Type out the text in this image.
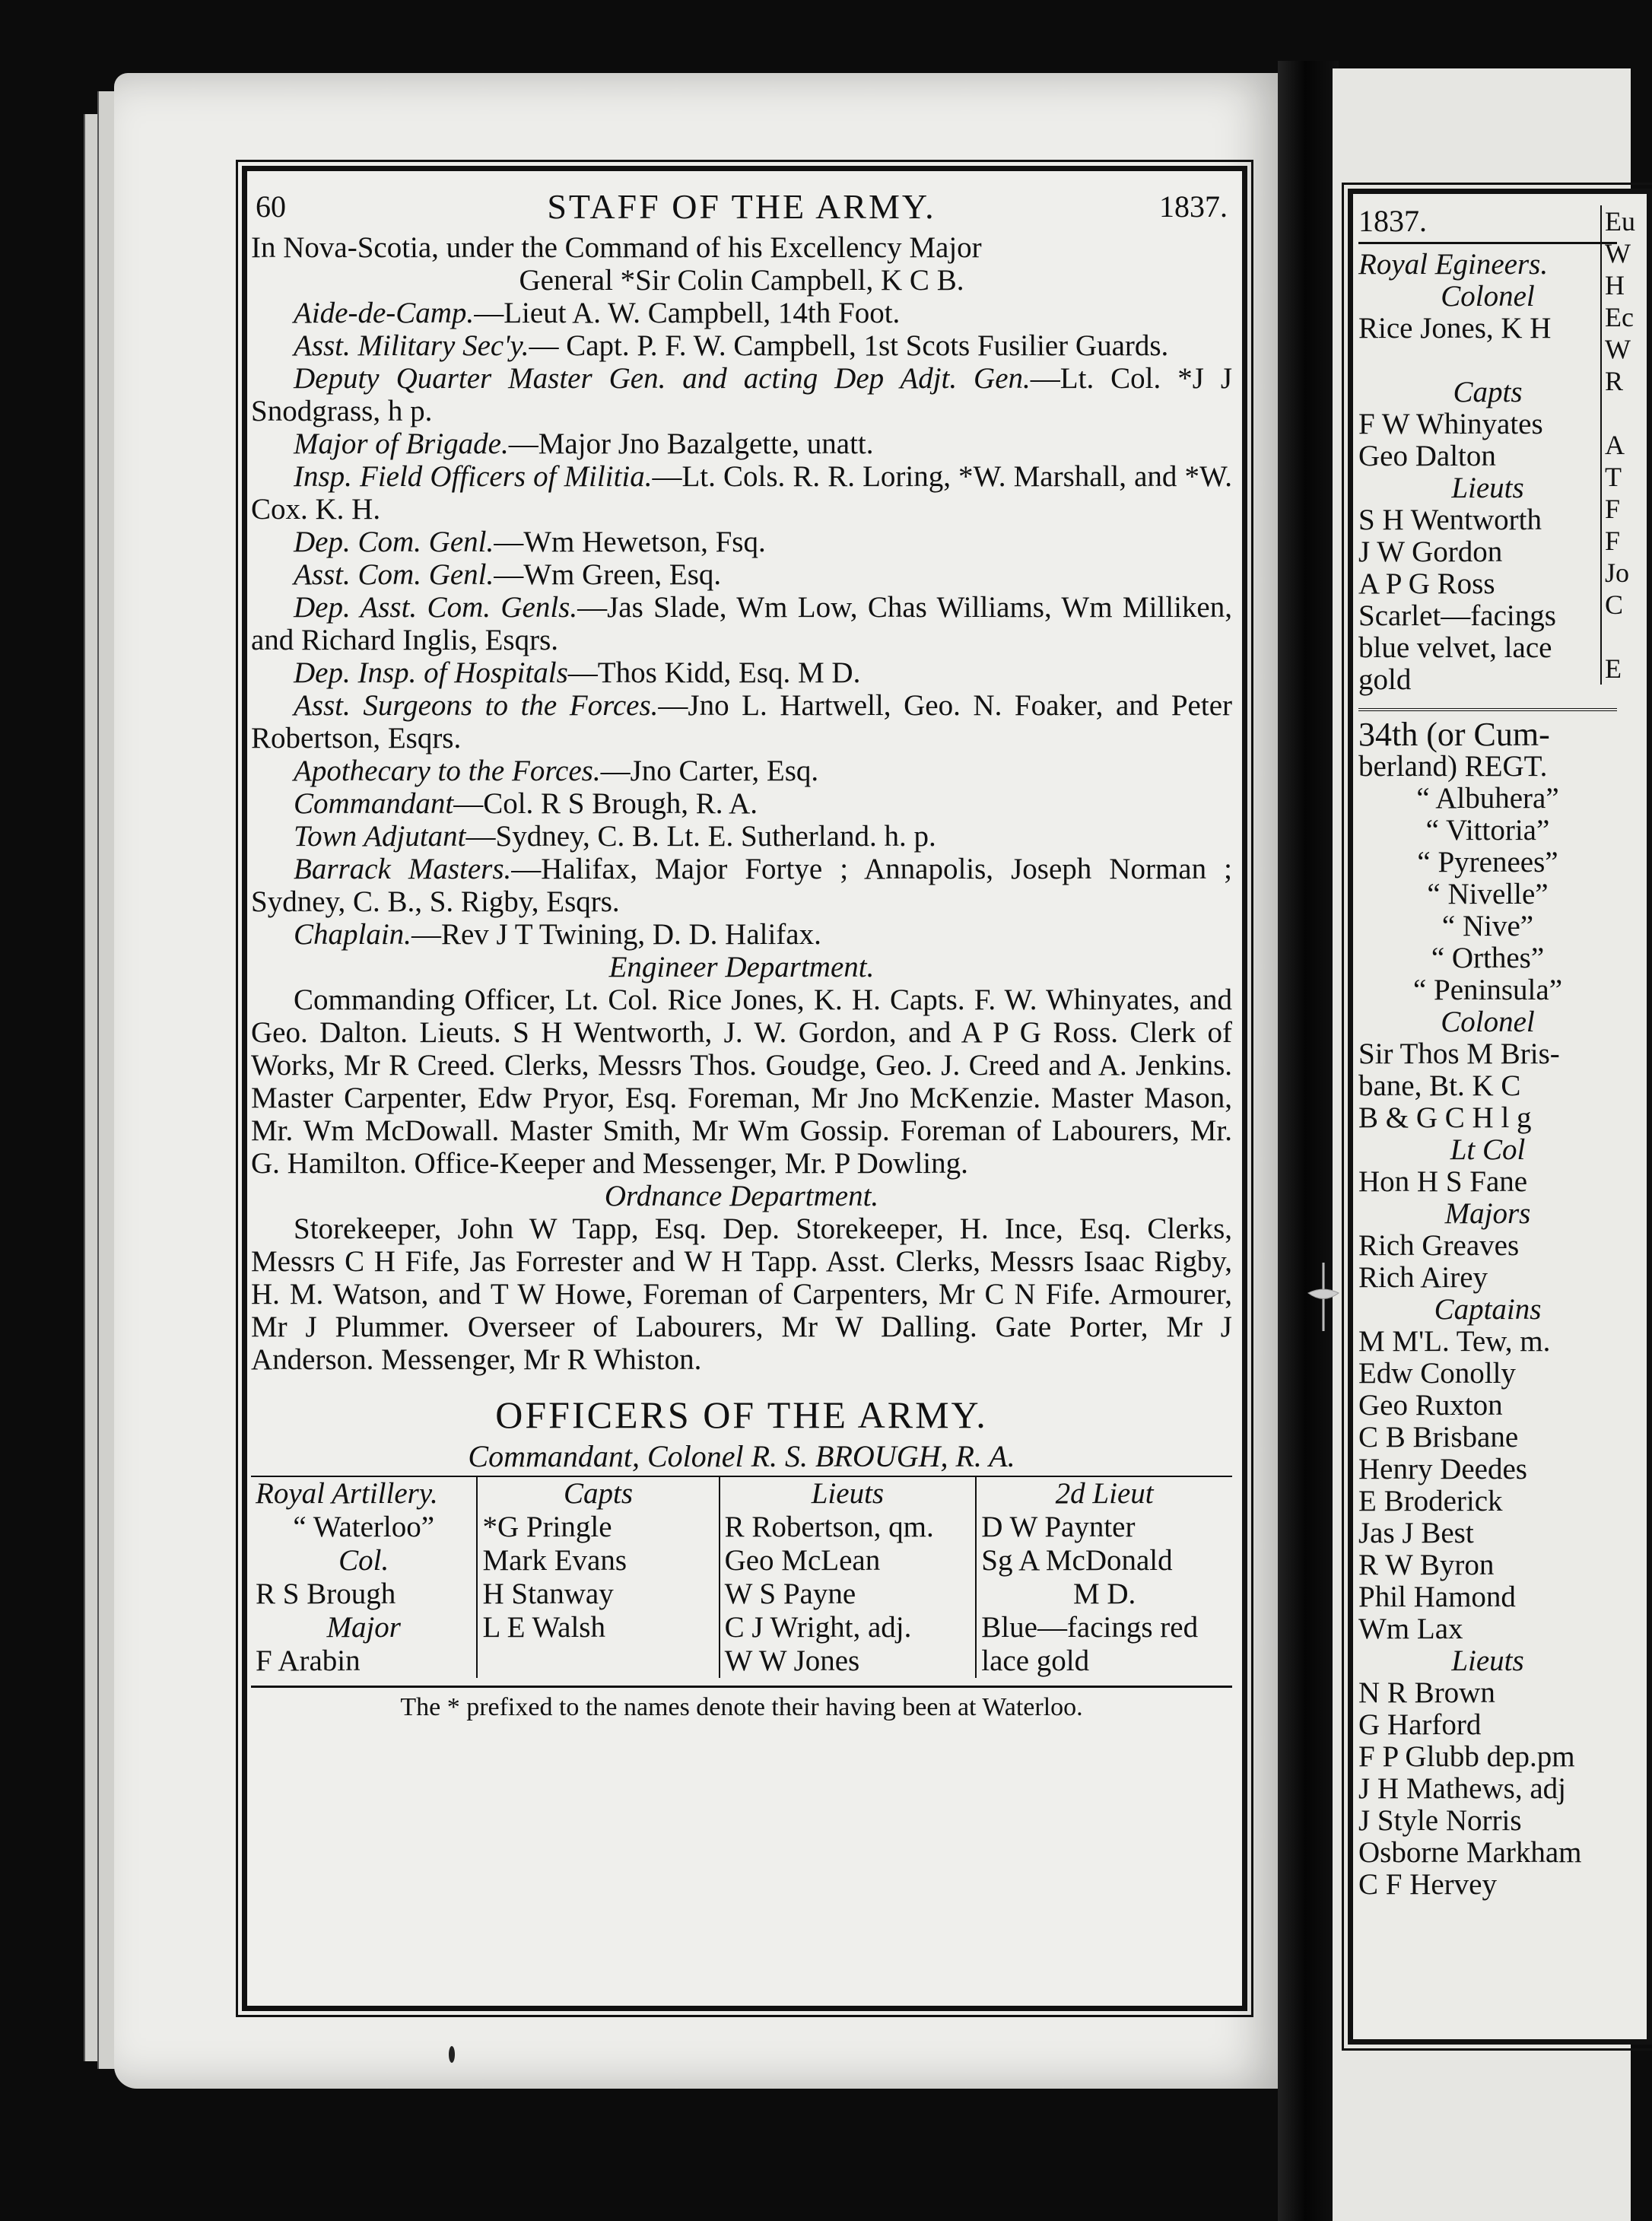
60	STAFF OF THE ARMY.	1837.

In Nova-Scotia, under the Command of his Excellency Major

General *Sir Colin Campbell, K C B.

Aide-de-Camp.—Lieut A. W. Campbell, 14th Foot.

Asst. Military Sec'y.— Capt. P. F. W. Campbell, 1st Scots Fusilier Guards.

Deputy Quarter Master Gen. and acting Dep Adjt. Gen.—Lt. Col. *J J Snodgrass, h p.

Major of Brigade.—Major Jno Bazalgette, unatt.

Insp. Field Officers of Militia.—Lt. Cols. R. R. Loring, *W. Marshall, and *W. Cox. K. H.

Dep. Com. Genl.—Wm Hewetson, Fsq.

Asst. Com. Genl.—Wm Green, Esq.

Dep. Asst. Com. Genls.—Jas Slade, Wm Low, Chas Williams, Wm Milliken, and Richard Inglis, Esqrs.

Dep. Insp. of Hospitals—Thos Kidd, Esq. M D.

Asst. Surgeons to the Forces.—Jno L. Hartwell, Geo. N. Foaker, and Peter Robertson, Esqrs.

Apothecary to the Forces.—Jno Carter, Esq.

Commandant—Col. R S Brough, R. A.

Town Adjutant—Sydney, C. B. Lt. E. Sutherland. h. p.

Barrack Masters.—Halifax, Major Fortye ; Annapolis, Joseph Norman ; Sydney, C. B., S. Rigby, Esqrs.

Chaplain.—Rev J T Twining, D. D. Halifax.

Engineer Department.

Commanding Officer, Lt. Col. Rice Jones, K. H. Capts. F. W. Whinyates, and Geo. Dalton. Lieuts. S H Wentworth, J. W. Gordon, and A P G Ross. Clerk of Works, Mr R Creed. Clerks, Messrs Thos. Goudge, Geo. J. Creed and A. Jenkins. Master Carpenter, Edw Pryor, Esq. Foreman, Mr Jno McKenzie. Master Mason, Mr. Wm McDowall. Master Smith, Mr Wm Gossip. Foreman of Labourers, Mr. G. Hamilton. Office-Keeper and Messenger, Mr. P Dowling.

Ordnance Department.

Storekeeper, John W Tapp, Esq. Dep. Storekeeper, H. Ince, Esq. Clerks, Messrs C H Fife, Jas Forrester and W H Tapp. Asst. Clerks, Messrs Isaac Rigby, H. M. Watson, and T W Howe, Foreman of Carpenters, Mr C N Fife. Armourer, Mr J Plummer. Overseer of Labourers, Mr W Dalling. Gate Porter, Mr J Anderson. Messenger, Mr R Whiston.

OFFICERS OF THE ARMY.

Commandant, Colonel R. S. BROUGH, R. A.

Royal Artillery.
“ Waterloo”
Col.
R S Brough
Major
F Arabin
Capts
*G Pringle
Mark Evans
H Stanway
L E Walsh
Lieuts
R Robertson, qm.
Geo McLean
W S Payne
C J Wright, adj.
W W Jones
2d Lieut
D W Paynter
Sg A McDonald
M D.
Blue—facings red
lace gold
The * prefixed to the names denote their having been at Waterloo.
1837.
Royal Egineers.
Colonel
Rice Jones, K H
Capts
F W Whinyates
Geo Dalton
Lieuts
S H Wentworth
J W Gordon
A P G Ross
Scarlet—facings
blue velvet, lace
gold
34th (or Cum-
berland) REGT.
“ Albuhera”
“ Vittoria”
“ Pyrenees”
“ Nivelle”
“ Nive”
“ Orthes”
“ Peninsula”
Colonel
Sir Thos M Bris-
bane, Bt. K C
B & G C H l g
Lt Col
Hon H S Fane
Majors
Rich Greaves
Rich Airey
Captains
M M'L. Tew, m.
Edw Conolly
Geo Ruxton
C B Brisbane
Henry Deedes
E Broderick
Jas J Best
R W Byron
Phil Hamond
Wm Lax
Lieuts
N R Brown
G Harford
F P Glubb dep.pm
J H Mathews, adj
J Style Norris
Osborne Markham
C F Hervey
Eu
W
H
Ec
W
R

A
T
F
F
Jo
C

E
